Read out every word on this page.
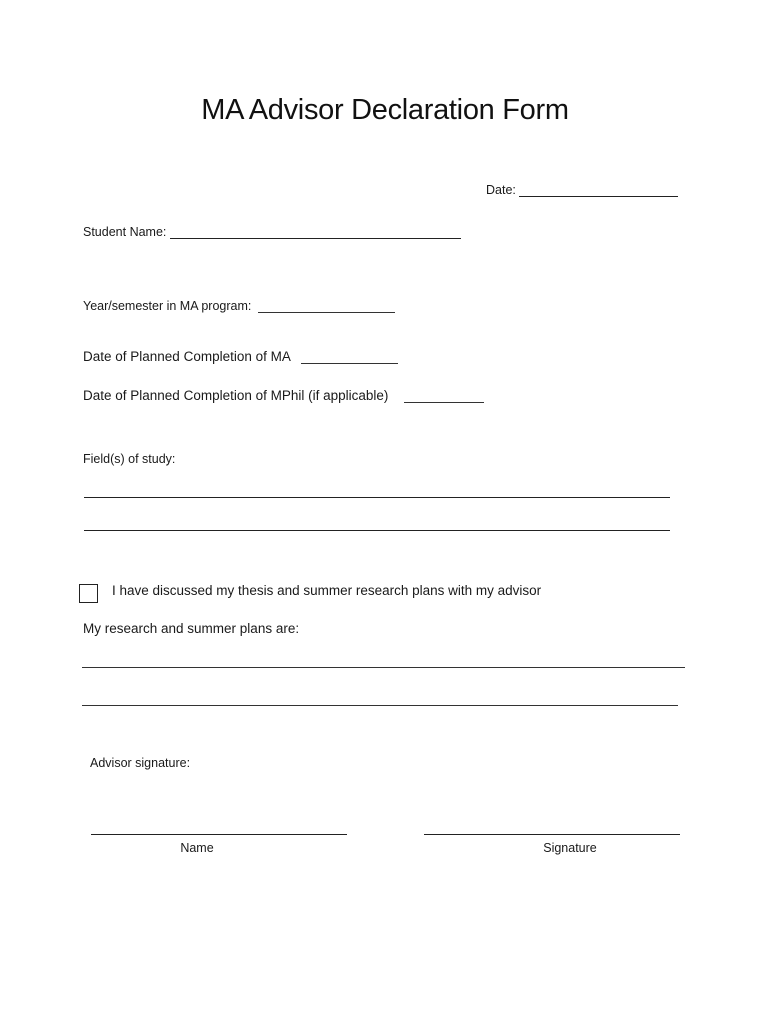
MA Advisor Declaration Form
Date:
Student Name:
Year/semester in MA program:
Date of Planned Completion of MA
Date of Planned Completion of MPhil (if applicable)
Field(s) of study:
I have discussed my thesis and summer research plans with my advisor
My research and summer plans are:
Advisor signature:
Name	Signature
